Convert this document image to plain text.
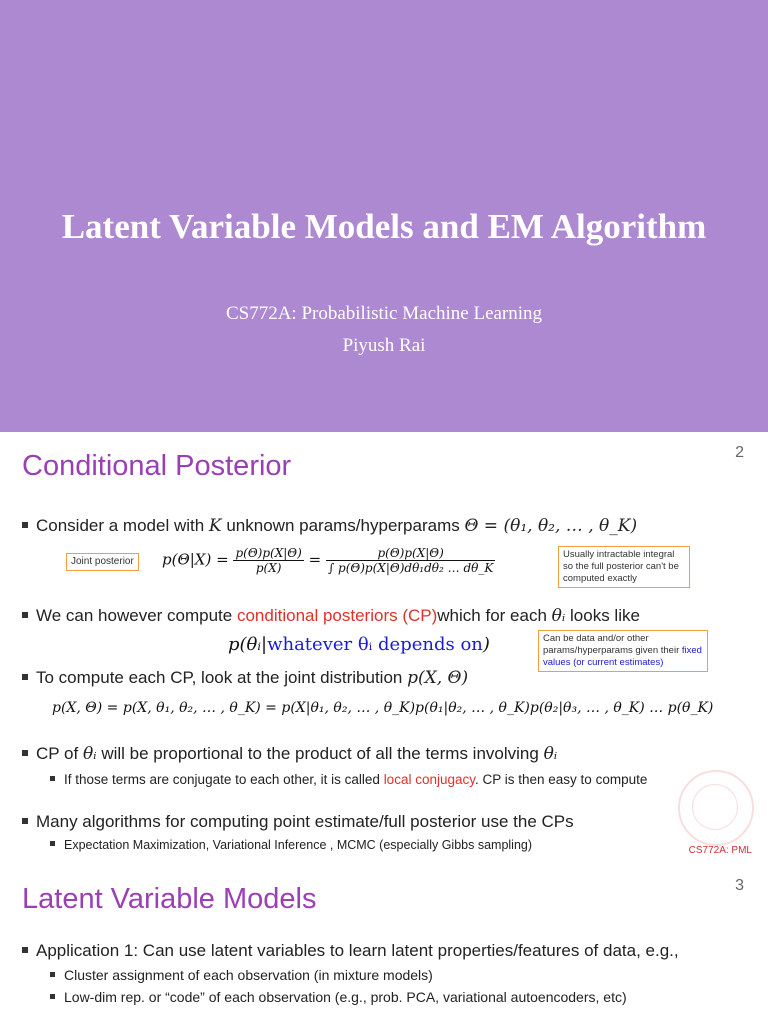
Latent Variable Models and EM Algorithm
CS772A: Probabilistic Machine Learning
Piyush Rai
Conditional Posterior	2
Consider a model with K unknown params/hyperparams Θ = (θ₁, θ₂, … , θ_K)
Joint posterior	$p(\Theta|X) = \frac{p(\Theta)p(X|\Theta)}{p(X)} = \frac{p(\Theta)p(X|\Theta)}{\text{∫ p(Θ)p(X|Θ)dθ₁dθ₂ … dθ\_K}}$	Usually intractable integral so the full posterior can't be computed exactly
We can however compute conditional posteriors (CP)which for each θᵢ looks like
p(θᵢ|whatever θᵢ depends on)	Can be data and/or other params/hyperparams given their fixed values (or current estimates)
To compute each CP, look at the joint distribution p(X, Θ)
p(X, Θ) = p(X, θ₁, θ₂, … , θ_K) = p(X|θ₁, θ₂, … , θ_K)p(θ₁|θ₂, … , θ_K)p(θ₂|θ₃, … , θ_K) … p(θ_K)
CP of θᵢ will be proportional to the product of all the terms involving θᵢ
If those terms are conjugate to each other, it is called local conjugacy. CP is then easy to compute
Many algorithms for computing point estimate/full posterior use the CPs
Expectation Maximization, Variational Inference , MCMC (especially Gibbs sampling)	CS772A: PML
Latent Variable Models	3
Application 1: Can use latent variables to learn latent properties/features of data, e.g.,
Cluster assignment of each observation (in mixture models)
Low-dim rep. or “code” of each observation (e.g., prob. PCA, variational autoencoders, etc)
